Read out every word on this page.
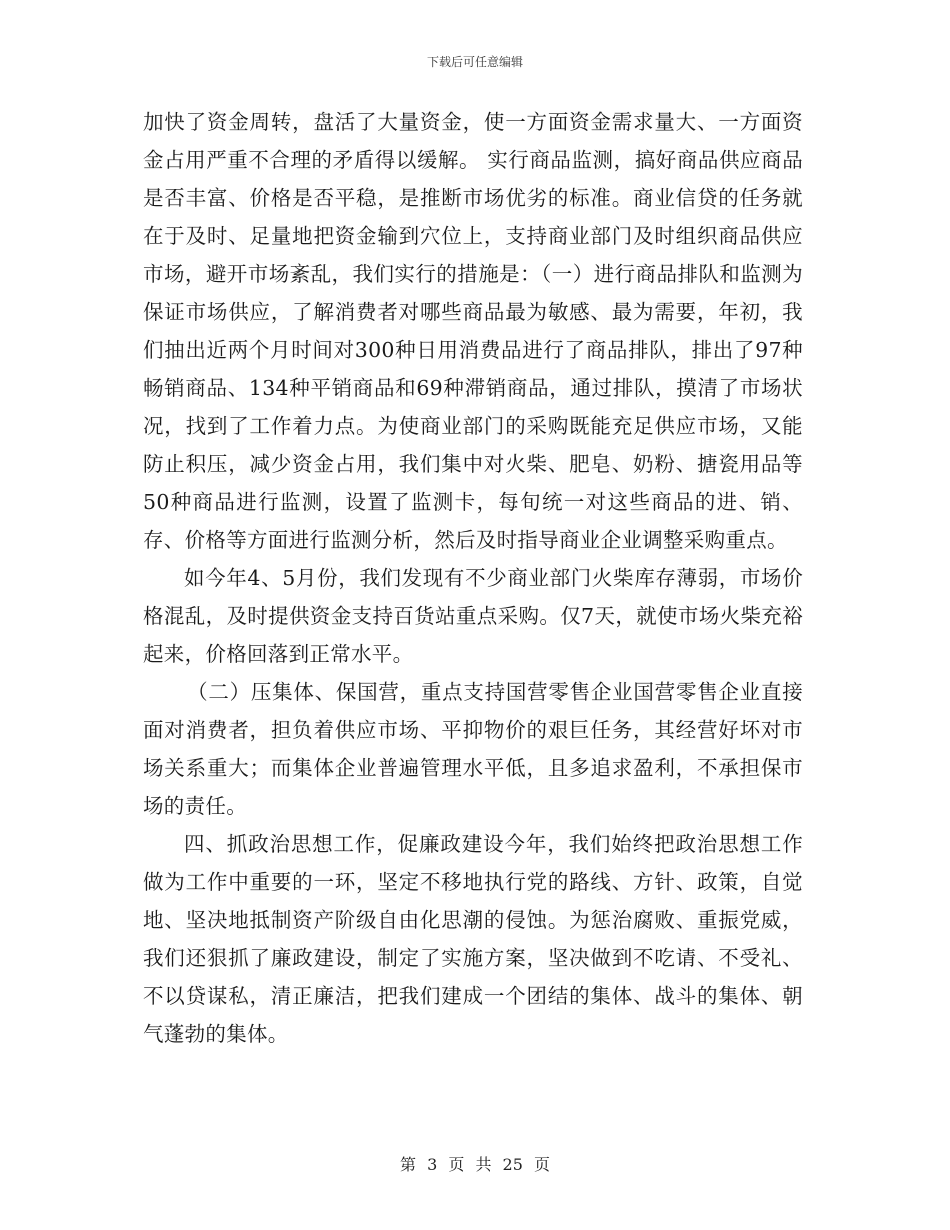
下载后可任意编辑

加快了资金周转，盘活了大量资金，使一方面资金需求量大、一方面资金占用严重不合理的矛盾得以缓解。 实行商品监测，搞好商品供应商品是否丰富、价格是否平稳，是推断市场优劣的标准。商业信贷的任务就在于及时、足量地把资金输到穴位上，支持商业部门及时组织商品供应市场，避开市场紊乱，我们实行的措施是：（一）进行商品排队和监测为保证市场供应，了解消费者对哪些商品最为敏感、最为需要，年初，我们抽出近两个月时间对300种日用消费品进行了商品排队，排出了97种畅销商品、134种平销商品和69种滞销商品，通过排队，摸清了市场状况，找到了工作着力点。为使商业部门的采购既能充足供应市场，又能防止积压，减少资金占用，我们集中对火柴、肥皂、奶粉、搪瓷用品等50种商品进行监测，设置了监测卡，每旬统一对这些商品的进、销、存、价格等方面进行监测分析，然后及时指导商业企业调整采购重点。

如今年4、5月份，我们发现有不少商业部门火柴库存薄弱，市场价格混乱，及时提供资金支持百货站重点采购。仅7天，就使市场火柴充裕起来，价格回落到正常水平。

（二）压集体、保国营，重点支持国营零售企业国营零售企业直接面对消费者，担负着供应市场、平抑物价的艰巨任务，其经营好坏对市场关系重大；而集体企业普遍管理水平低，且多追求盈利，不承担保市场的责任。

四、抓政治思想工作，促廉政建设今年，我们始终把政治思想工作做为工作中重要的一环，坚定不移地执行党的路线、方针、政策，自觉地、坚决地抵制资产阶级自由化思潮的侵蚀。为惩治腐败、重振党威，我们还狠抓了廉政建设，制定了实施方案，坚决做到不吃请、不受礼、不以贷谋私，清正廉洁，把我们建成一个团结的集体、战斗的集体、朝气蓬勃的集体。

第 3 页 共 25 页
